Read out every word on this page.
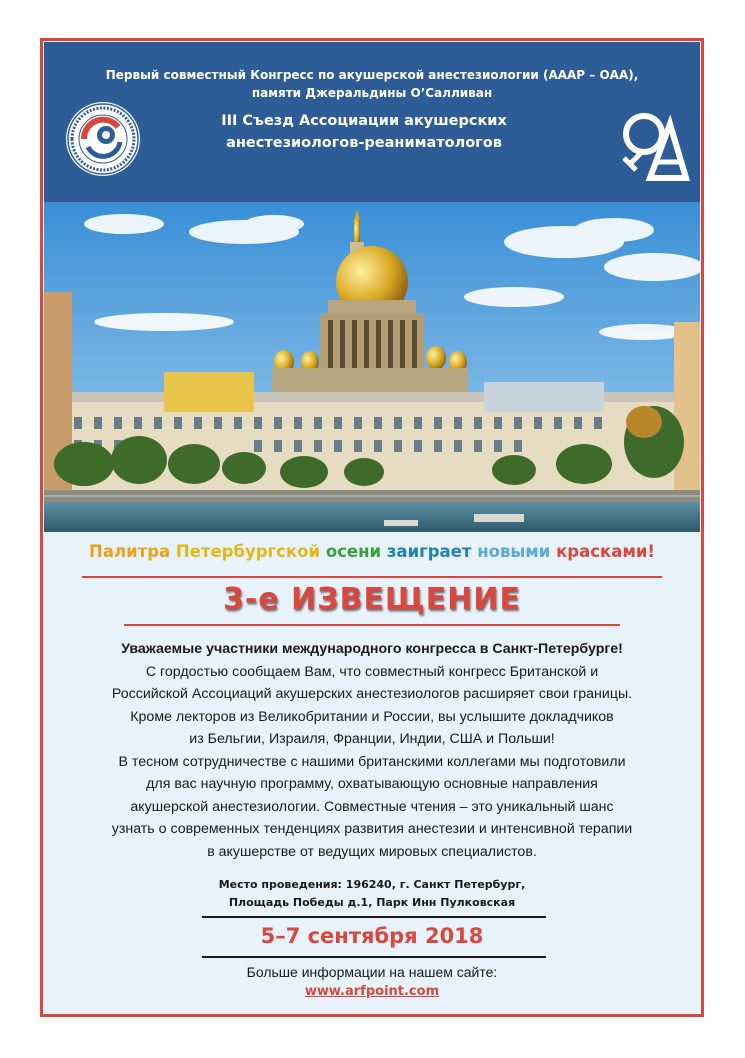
Первый совместный Конгресс по акушерской анестезиологии (АААР – ОАА),
памяти Джеральдины О’Салливан
III Съезд Ассоциации акушерских
анестезиологов-реаниматологов
Палитра Петербургской осени заиграет новыми красками!
3-е ИЗВЕЩЕНИЕ
Уважаемые участники международного конгресса в Санкт-Петербурге!
С гордостью сообщаем Вам, что совместный конгресс Британской и
Российской Ассоциаций акушерских анестезиологов расширяет свои границы.
Кроме лекторов из Великобритании и России, вы услышите докладчиков
из Бельгии, Израиля, Франции, Индии, США и Польши!
В тесном сотрудничестве с нашими британскими коллегами мы подготовили
для вас научную программу, охватывающую основные направления
акушерской анестезиологии. Совместные чтения – это уникальный шанс
узнать о современных тенденциях развития анестезии и интенсивной терапии
в акушерстве от ведущих мировых специалистов.
Место проведения: 196240, г. Санкт Петербург,
Площадь Победы д.1, Парк Инн Пулковская
5–7 сентября 2018
Больше информации на нашем сайте:
www.arfpoint.com
